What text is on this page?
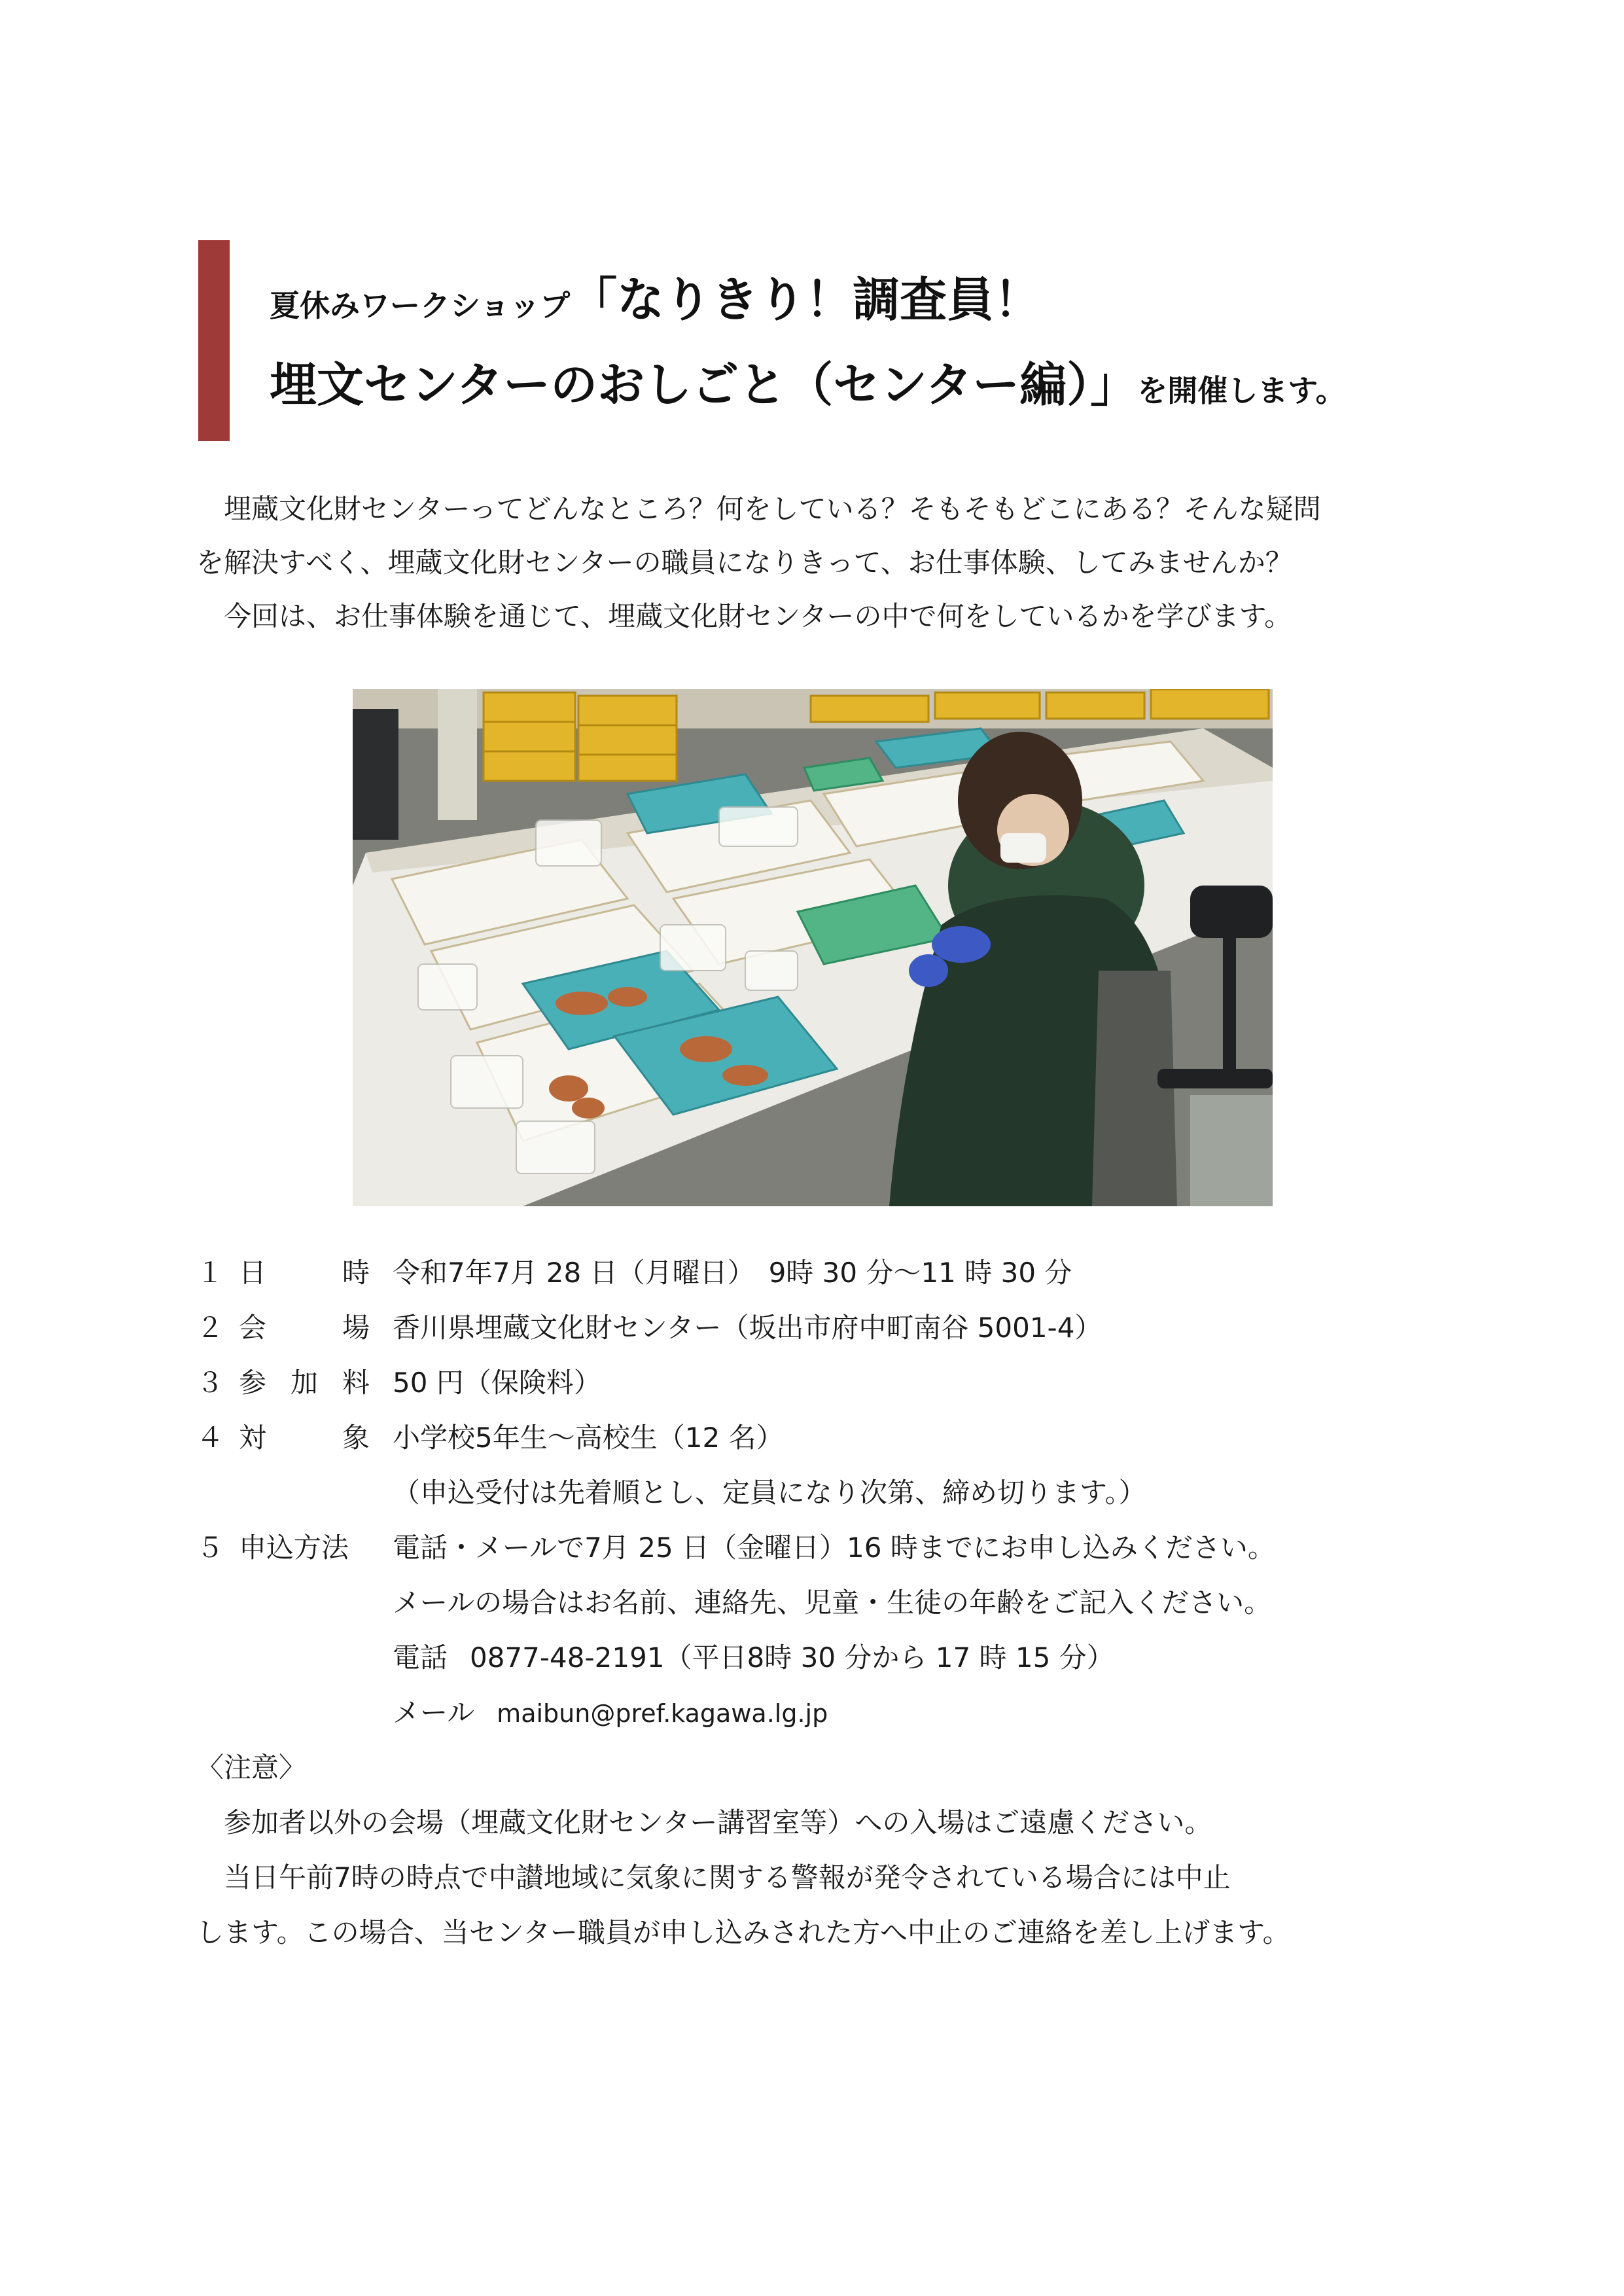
夏休みワークショップ「なりきり！調査員！
埋文センターのおしごと（センター編）」を開催します。
　埋蔵文化財センターってどんなところ？何をしている？そもそもどこにある？そんな疑問
を解決すべく、埋蔵文化財センターの職員になりきって、お仕事体験、してみませんか？
　今回は、お仕事体験を通じて、埋蔵文化財センターの中で何をしているかを学びます。
１ 日	時 令和7年7月 28 日（月曜日）　9時 30 分～11 時 30 分
２ 会	場 香川県埋蔵文化財センター（坂出市府中町南谷 5001-4）
３ 参 加 料 50 円（保険料）
４ 対	象 小学校5年生～高校生（12 名）
（申込受付は先着順とし、定員になり次第、締め切ります。）
５ 申込方法 電話・メールで7月 25 日（金曜日）16 時までにお申し込みください。
メールの場合はお名前、連絡先、児童・生徒の年齢をご記入ください。
電話 0877-48-2191（平日8時 30 分から 17 時 15 分）
メール maibun@pref.kagawa.lg.jp
〈注意〉
　参加者以外の会場（埋蔵文化財センター講習室等）への入場はご遠慮ください。
　当日午前7時の時点で中讃地域に気象に関する警報が発令されている場合には中止
します。この場合、当センター職員が申し込みされた方へ中止のご連絡を差し上げます。
